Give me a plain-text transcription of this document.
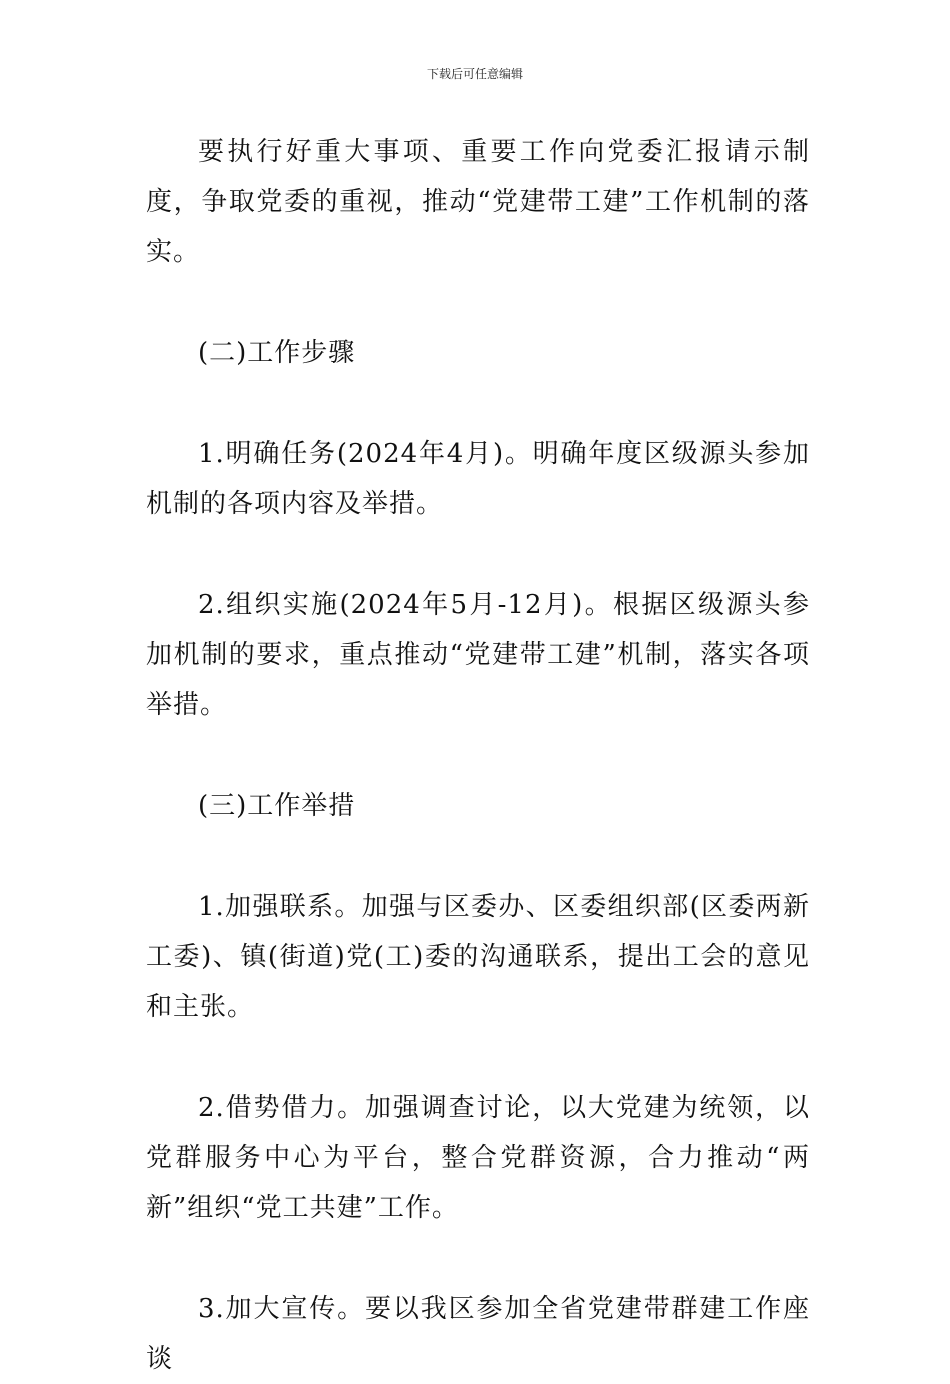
下载后可任意编辑

要执行好重大事项、重要工作向党委汇报请示制度，争取党委的重视，推动“党建带工建”工作机制的落实。

(二)工作步骤

1.明确任务(2024年4月)。明确年度区级源头参加机制的各项内容及举措。

2.组织实施(2024年5月-12月)。根据区级源头参加机制的要求，重点推动“党建带工建”机制，落实各项举措。

(三)工作举措

1.加强联系。加强与区委办、区委组织部(区委两新工委)、镇(街道)党(工)委的沟通联系，提出工会的意见和主张。

2.借势借力。加强调查讨论，以大党建为统领，以党群服务中心为平台，整合党群资源，合力推动“两新”组织“党工共建”工作。

3.加大宣传。要以我区参加全省党建带群建工作座谈
